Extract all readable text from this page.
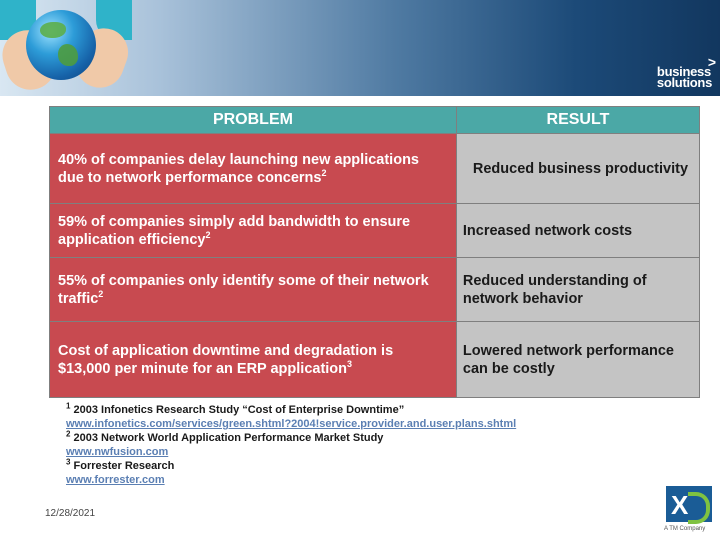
>
business
solutions
PROBLEM	RESULT
40% of companies delay launching new applications due to network performance concerns$^2$	Reduced business productivity
59% of companies simply add bandwidth to ensure application efficiency$^2$	Increased network costs
55% of companies only identify some of their network traffic$^2$	Reduced understanding of network behavior
Cost of application downtime and degradation is $13,000 per minute for an ERP application$^3$	Lowered network performance can be costly
$^1$ 2003 Infonetics Research Study “Cost of Enterprise Downtime”
www.infonetics.com/services/green.shtml?2004!service.provider.and.user.plans.shtml
$^2$ 2003 Network World Application Performance Market Study
www.nwfusion.com
$^3$ Forrester Research
www.forrester.com
12/28/2021	X
A TM Company
